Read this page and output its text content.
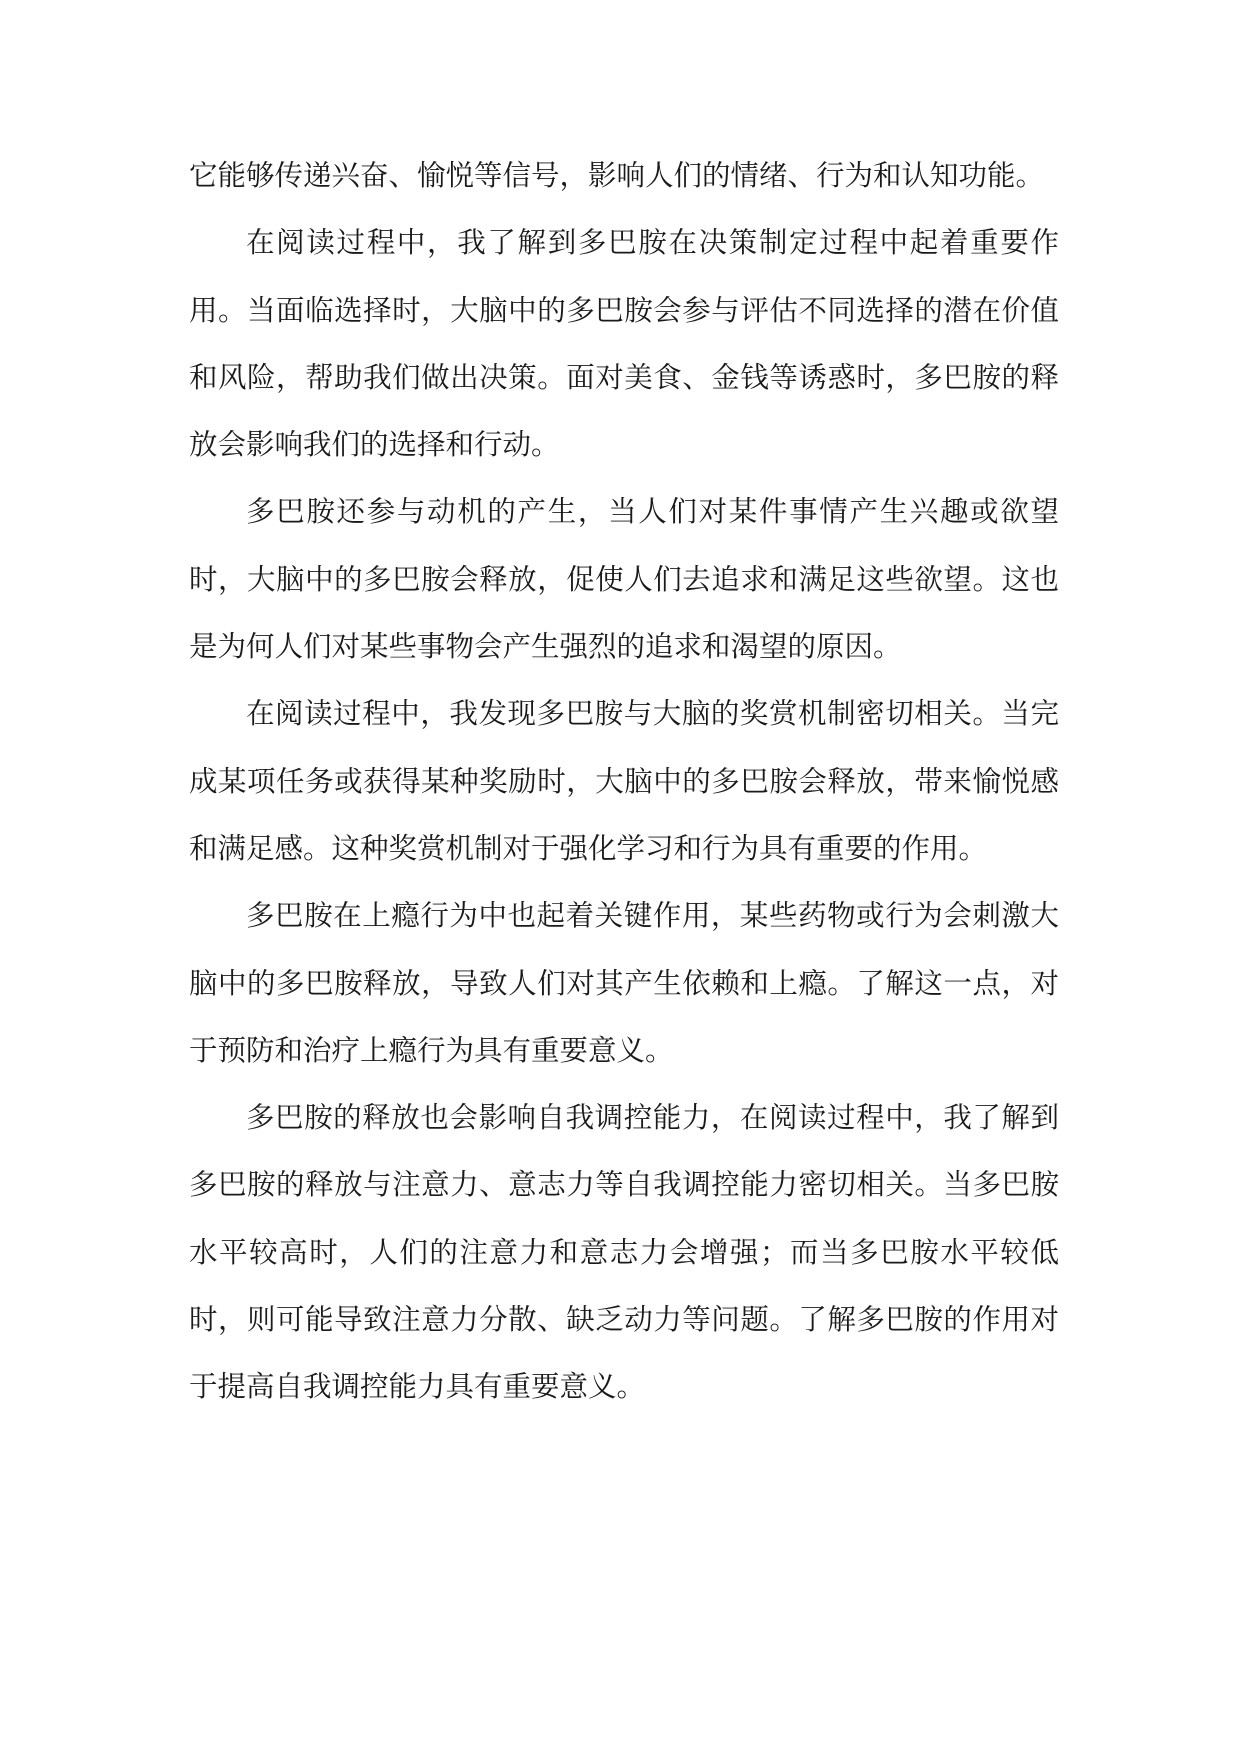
它能够传递兴奋、愉悦等信号，影响人们的情绪、行为和认知功能。

在阅读过程中，我了解到多巴胺在决策制定过程中起着重要作用。当面临选择时，大脑中的多巴胺会参与评估不同选择的潜在价值和风险，帮助我们做出决策。面对美食、金钱等诱惑时，多巴胺的释放会影响我们的选择和行动。

多巴胺还参与动机的产生，当人们对某件事情产生兴趣或欲望时，大脑中的多巴胺会释放，促使人们去追求和满足这些欲望。这也是为何人们对某些事物会产生强烈的追求和渴望的原因。

在阅读过程中，我发现多巴胺与大脑的奖赏机制密切相关。当完成某项任务或获得某种奖励时，大脑中的多巴胺会释放，带来愉悦感和满足感。这种奖赏机制对于强化学习和行为具有重要的作用。

多巴胺在上瘾行为中也起着关键作用，某些药物或行为会刺激大脑中的多巴胺释放，导致人们对其产生依赖和上瘾。了解这一点，对于预防和治疗上瘾行为具有重要意义。

多巴胺的释放也会影响自我调控能力，在阅读过程中，我了解到多巴胺的释放与注意力、意志力等自我调控能力密切相关。当多巴胺水平较高时，人们的注意力和意志力会增强；而当多巴胺水平较低时，则可能导致注意力分散、缺乏动力等问题。了解多巴胺的作用对于提高自我调控能力具有重要意义。
